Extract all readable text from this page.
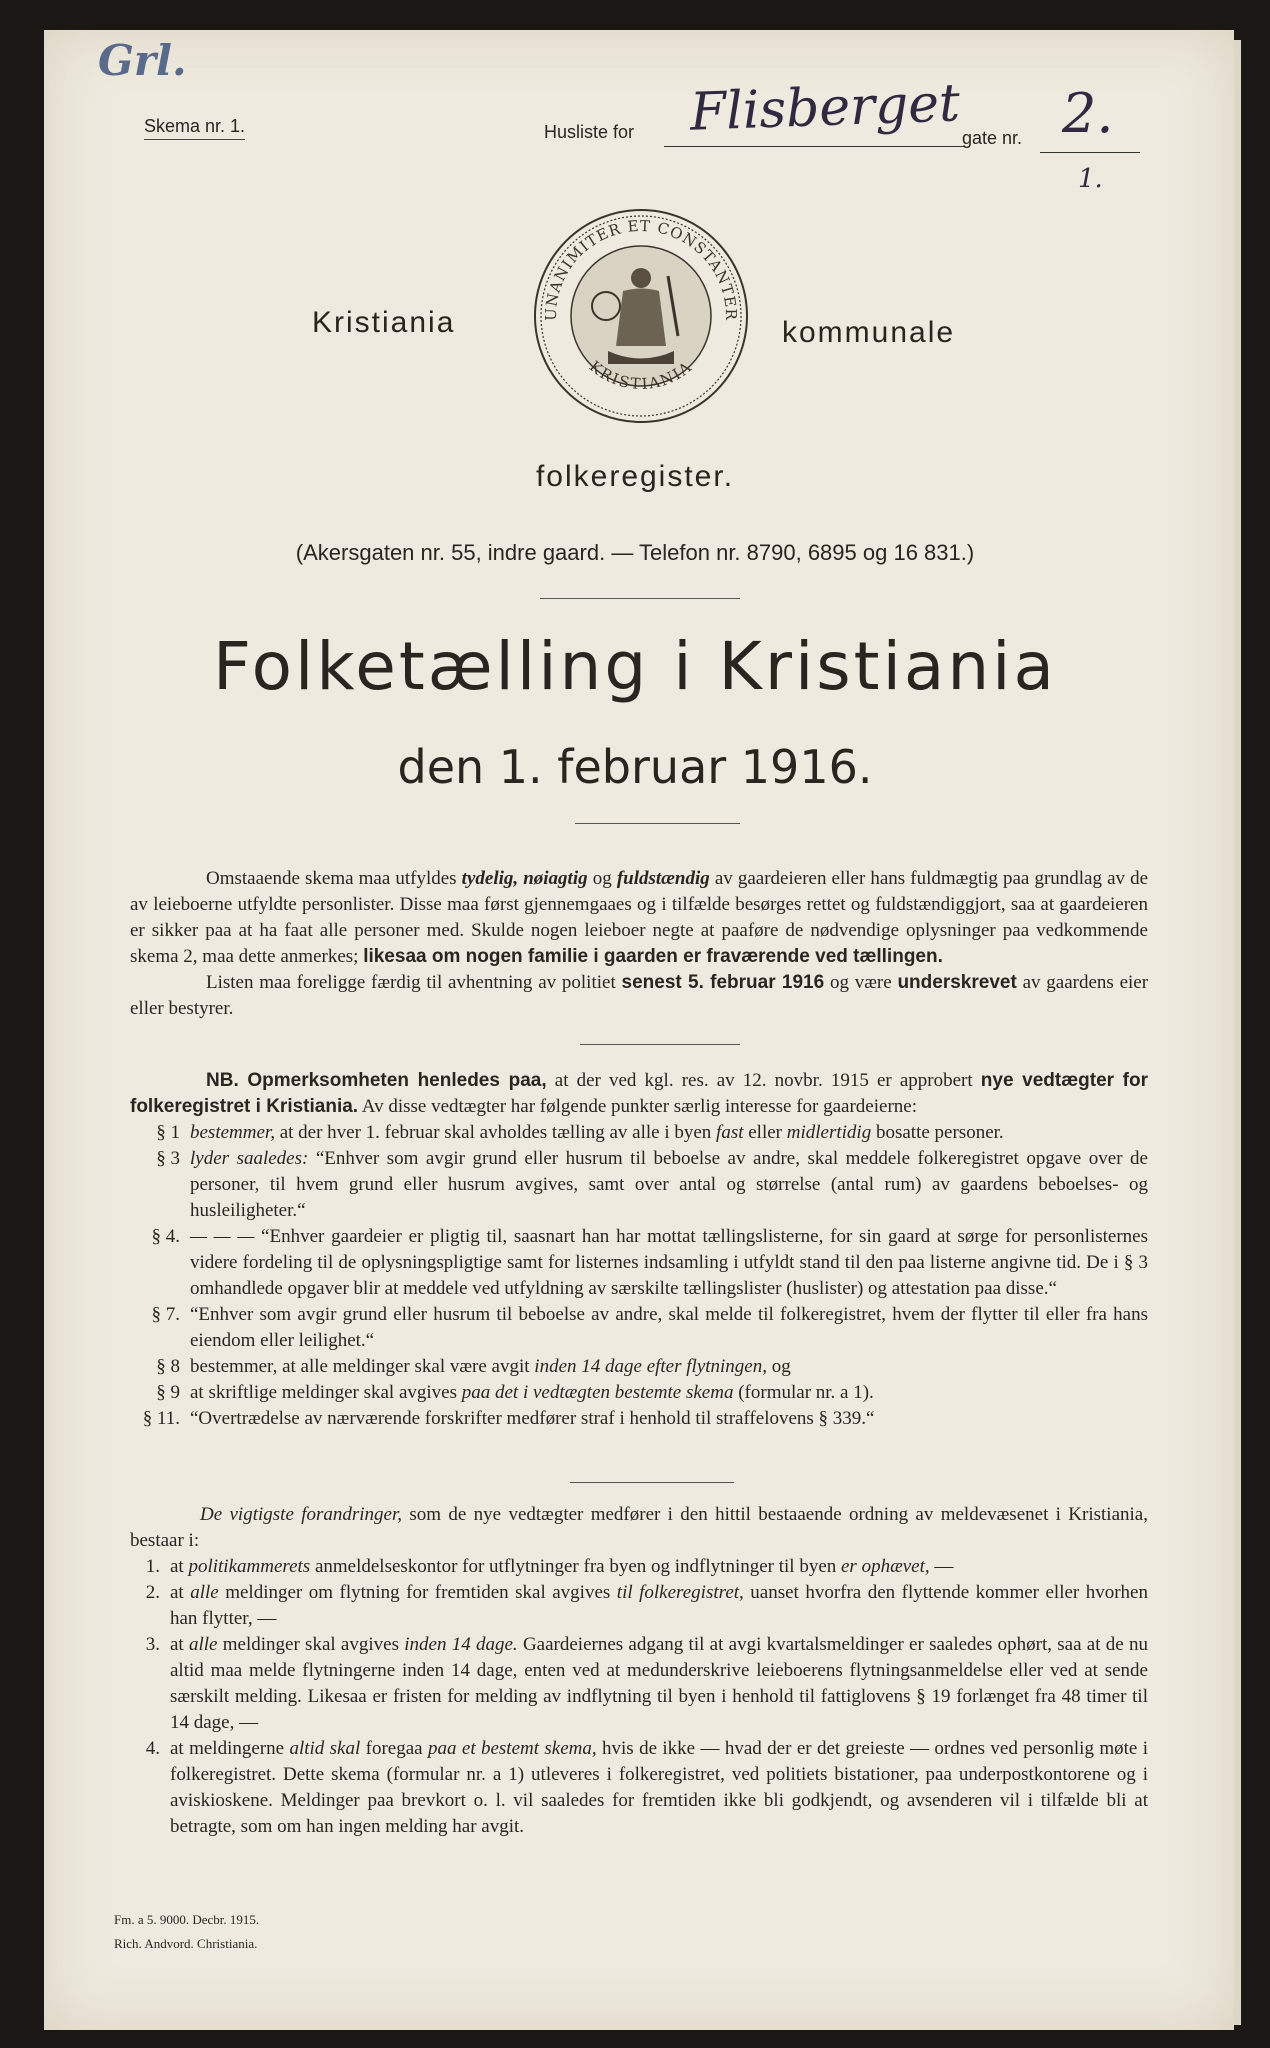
Grl.
Skema nr. 1.	Husliste for Flisberget gate nr. 2.
1.
Kristiania	kommunale
UNANIMITER ET CONSTANTER
KRISTIANIA
folkeregister.
(Akersgaten nr. 55, indre gaard. — Telefon nr. 8790, 6895 og 16 831.)
Folketælling i Kristiania
den 1. februar 1916.

Omstaaende skema maa utfyldes tydelig, nøiagtig og fuldstændig av gaardeieren eller hans fuldmægtig paa grundlag av de av leieboerne utfyldte personlister. Disse maa først gjennemgaaes og i tilfælde besørges rettet og fuldstændiggjort, saa at gaardeieren er sikker paa at ha faat alle personer med. Skulde nogen leieboer negte at paaføre de nødvendige oplysninger paa vedkommende skema 2, maa dette anmerkes; likesaa om nogen familie i gaarden er fraværende ved tællingen.

Listen maa foreligge færdig til avhentning av politiet senest 5. februar 1916 og være underskrevet av gaardens eier eller bestyrer.

NB. Opmerksomheten henledes paa, at der ved kgl. res. av 12. novbr. 1915 er approbert nye vedtægter for folkeregistret i Kristiania. Av disse vedtægter har følgende punkter særlig interesse for gaardeierne:

§ 1 bestemmer, at der hver 1. februar skal avholdes tælling av alle i byen fast eller midlertidig bosatte personer.
§ 3 lyder saaledes: “Enhver som avgir grund eller husrum til beboelse av andre, skal meddele folkeregistret opgave over de personer, til hvem grund eller husrum avgives, samt over antal og størrelse (antal rum) av gaardens beboelses- og husleiligheter.“
§ 4. — — — “Enhver gaardeier er pligtig til, saasnart han har mottat tællingslisterne, for sin gaard at sørge for personlisternes videre fordeling til de oplysningspligtige samt for listernes indsamling i utfyldt stand til den paa listerne angivne tid. De i § 3 omhandlede opgaver blir at meddele ved utfyldning av særskilte tællingslister (huslister) og attestation paa disse.“
§ 7. “Enhver som avgir grund eller husrum til beboelse av andre, skal melde til folkeregistret, hvem der flytter til eller fra hans eiendom eller leilighet.“
§ 8 bestemmer, at alle meldinger skal være avgit inden 14 dage efter flytningen, og
§ 9 at skriftlige meldinger skal avgives paa det i vedtægten bestemte skema (formular nr. a 1).
§ 11. “Overtrædelse av nærværende forskrifter medfører straf i henhold til straffelovens § 339.“

De vigtigste forandringer, som de nye vedtægter medfører i den hittil bestaaende ordning av meldevæsenet i Kristiania, bestaar i:

1. at politikammerets anmeldelseskontor for utflytninger fra byen og indflytninger til byen er ophævet, —
2. at alle meldinger om flytning for fremtiden skal avgives til folkeregistret, uanset hvorfra den flyttende kommer eller hvorhen han flytter, —
3. at alle meldinger skal avgives inden 14 dage. Gaardeiernes adgang til at avgi kvartalsmeldinger er saaledes ophørt, saa at de nu altid maa melde flytningerne inden 14 dage, enten ved at medunderskrive leieboerens flytningsanmeldelse eller ved at sende særskilt melding. Likesaa er fristen for melding av indflytning til byen i henhold til fattiglovens § 19 forlænget fra 48 timer til 14 dage, —
4. at meldingerne altid skal foregaa paa et bestemt skema, hvis de ikke — hvad der er det greieste — ordnes ved personlig møte i folkeregistret. Dette skema (formular nr. a 1) utleveres i folkeregistret, ved politiets bistationer, paa underpostkontorene og i aviskioskene. Meldinger paa brevkort o. l. vil saaledes for fremtiden ikke bli godkjendt, og avsenderen vil i tilfælde bli at betragte, som om han ingen melding har avgit.
Fm. a 5. 9000. Decbr. 1915.
Rich. Andvord. Christiania.
